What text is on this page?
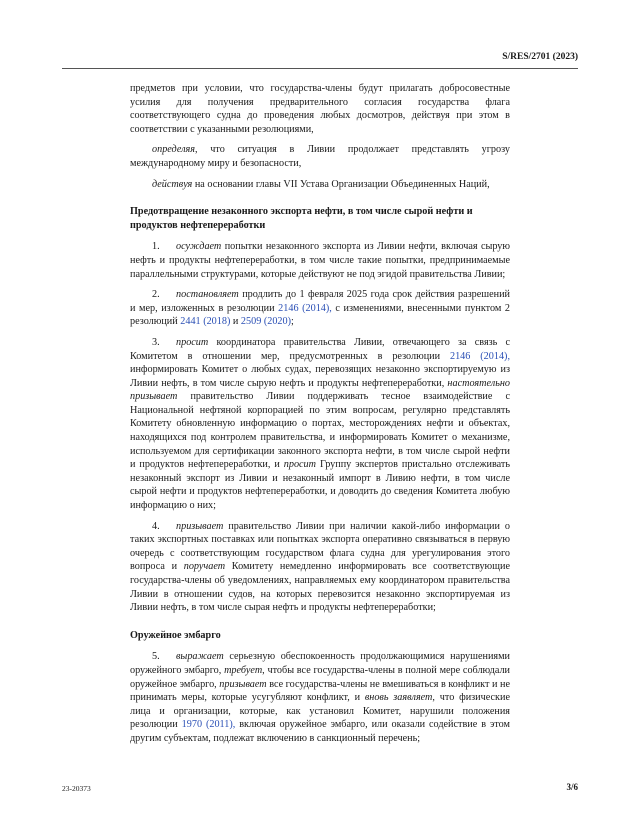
S/RES/2701 (2023)

предметов при условии, что государства-члены будут прилагать добросовестные усилия для получения предварительного согласия государства флага соответствующего судна до проведения любых досмотров, действуя при этом в соответствии с указанными резолюциями,

определяя, что ситуация в Ливии продолжает представлять угрозу международному миру и безопасности,

действуя на основании главы VII Устава Организации Объединенных Наций,

Предотвращение незаконного экспорта нефти, в том числе сырой нефти и продуктов нефтепереработки

1. осуждает попытки незаконного экспорта из Ливии нефти, включая сырую нефть и продукты нефтепереработки, в том числе такие попытки, предпринимаемые параллельными структурами, которые действуют не под эгидой правительства Ливии;

2. постановляет продлить до 1 февраля 2025 года срок действия разрешений и мер, изложенных в резолюции 2146 (2014), с изменениями, внесенными пунктом 2 резолюций 2441 (2018) и 2509 (2020);

3. просит координатора правительства Ливии, отвечающего за связь с Комитетом в отношении мер, предусмотренных в резолюции 2146 (2014), информировать Комитет о любых судах, перевозящих незаконно экспортируемую из Ливии нефть, в том числе сырую нефть и продукты нефтепереработки, настоятельно призывает правительство Ливии поддерживать тесное взаимодействие с Национальной нефтяной корпорацией по этим вопросам, регулярно представлять Комитету обновленную информацию о портах, месторождениях нефти и объектах, находящихся под контролем правительства, и информировать Комитет о механизме, используемом для сертификации законного экспорта нефти, в том числе сырой нефти и продуктов нефтепереработки, и просит Группу экспертов пристально отслеживать незаконный экспорт из Ливии и незаконный импорт в Ливию нефти, в том числе сырой нефти и продуктов нефтепереработки, и доводить до сведения Комитета любую информацию о них;

4. призывает правительство Ливии при наличии какой-либо информации о таких экспортных поставках или попытках экспорта оперативно связываться в первую очередь с соответствующим государством флага судна для урегулирования этого вопроса и поручает Комитету немедленно информировать все соответствующие государства-члены об уведомлениях, направляемых ему координатором правительства Ливии в отношении судов, на которых перевозится незаконно экспортируемая из Ливии нефть, в том числе сырая нефть и продукты нефтепереработки;

Оружейное эмбарго

5. выражает серьезную обеспокоенность продолжающимися нарушениями оружейного эмбарго, требует, чтобы все государства-члены в полной мере соблюдали оружейное эмбарго, призывает все государства-члены не вмешиваться в конфликт и не принимать меры, которые усугубляют конфликт, и вновь заявляет, что физические лица и организации, которые, как установил Комитет, нарушили положения резолюции 1970 (2011), включая оружейное эмбарго, или оказали содействие в этом другим субъектам, подлежат включению в санкционный перечень;

23-20373	3/6
